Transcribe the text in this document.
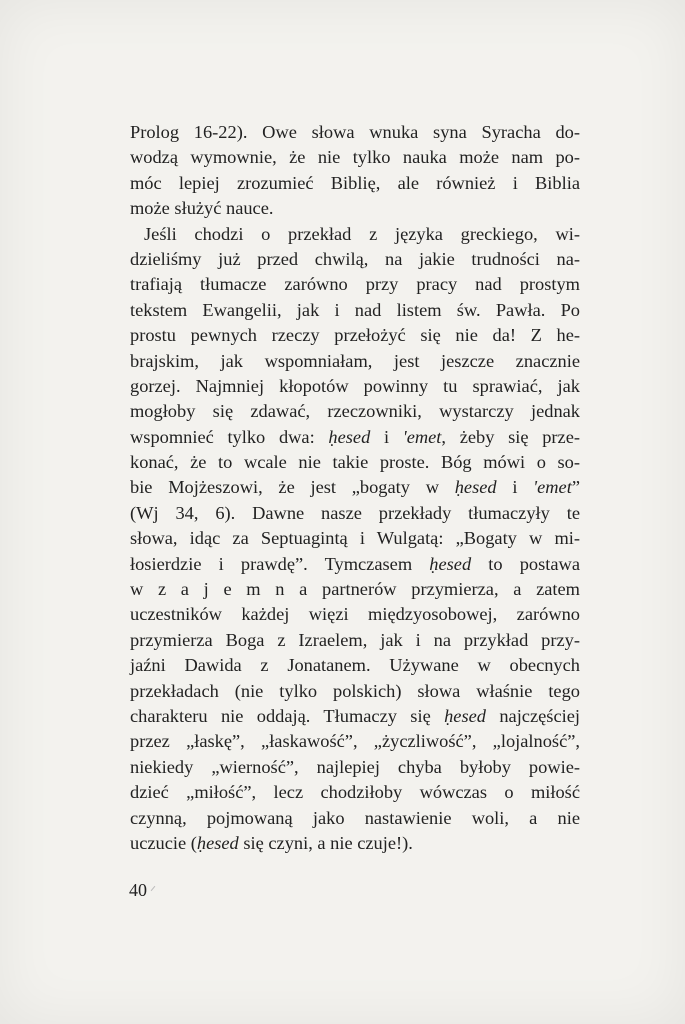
Prolog 16-22). Owe słowa wnuka syna Syracha do-
wodzą wymownie, że nie tylko nauka może nam po-
móc lepiej zrozumieć Biblię, ale również i Biblia
może służyć nauce.
Jeśli chodzi o przekład z języka greckiego, wi-
dzieliśmy już przed chwilą, na jakie trudności na-
trafiają tłumacze zarówno przy pracy nad prostym
tekstem Ewangelii, jak i nad listem św. Pawła. Po
prostu pewnych rzeczy przełożyć się nie da! Z he-
brajskim, jak wspomniałam, jest jeszcze znacznie
gorzej. Najmniej kłopotów powinny tu sprawiać, jak
mogłoby się zdawać, rzeczowniki, wystarczy jednak
wspomnieć tylko dwa: ḥesed i 'emet, żeby się prze-
konać, że to wcale nie takie proste. Bóg mówi o so-
bie Mojżeszowi, że jest „bogaty w ḥesed i 'emet”
(Wj 34, 6). Dawne nasze przekłady tłumaczyły te
słowa, idąc za Septuagintą i Wulgatą: „Bogaty w mi-
łosierdzie i prawdę”. Tymczasem ḥesed to postawa
w z a j e m n a partnerów przymierza, a zatem
uczestników każdej więzi międzyosobowej, zarówno
przymierza Boga z Izraelem, jak i na przykład przy-
jaźni Dawida z Jonatanem. Używane w obecnych
przekładach (nie tylko polskich) słowa właśnie tego
charakteru nie oddają. Tłumaczy się ḥesed najczęściej
przez „łaskę”, „łaskawość”, „życzliwość”, „lojalność”,
niekiedy „wierność”, najlepiej chyba byłoby powie-
dzieć „miłość”, lecz chodziłoby wówczas o miłość
czynną, pojmowaną jako nastawienie woli, a nie
uczucie (ḥesed się czyni, a nie czuje!).
40
